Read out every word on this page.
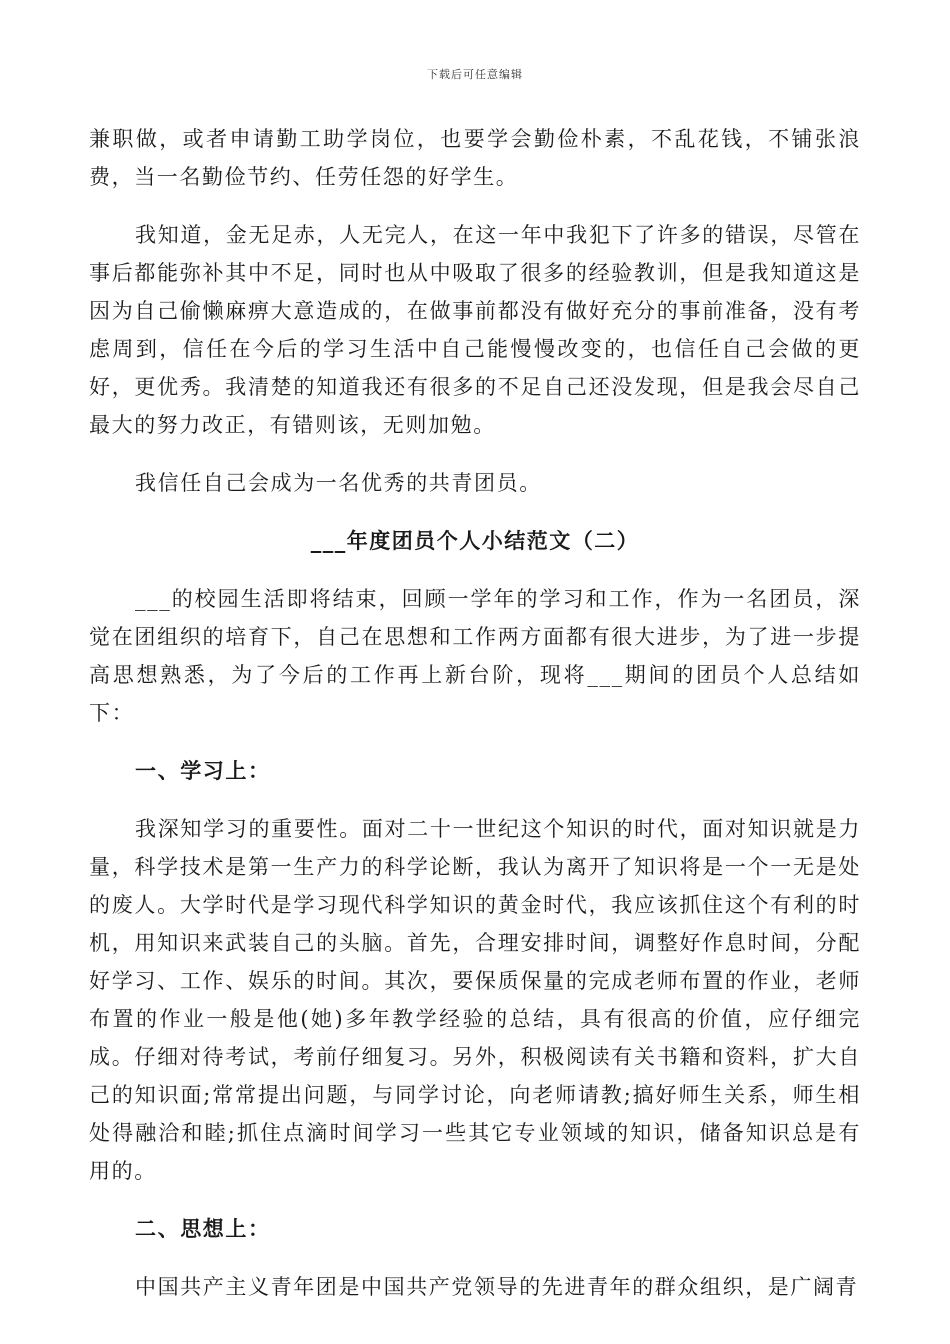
下载后可任意编辑

兼职做，或者申请勤工助学岗位，也要学会勤俭朴素，不乱花钱，不铺张浪费，当一名勤俭节约、任劳任怨的好学生。

我知道，金无足赤，人无完人，在这一年中我犯下了许多的错误，尽管在事后都能弥补其中不足，同时也从中吸取了很多的经验教训，但是我知道这是因为自己偷懒麻痹大意造成的，在做事前都没有做好充分的事前准备，没有考虑周到，信任在今后的学习生活中自己能慢慢改变的，也信任自己会做的更好，更优秀。我清楚的知道我还有很多的不足自己还没发现，但是我会尽自己最大的努力改正，有错则该，无则加勉。

我信任自己会成为一名优秀的共青团员。

___年度团员个人小结范文（二）

___的校园生活即将结束，回顾一学年的学习和工作，作为一名团员，深觉在团组织的培育下，自己在思想和工作两方面都有很大进步，为了进一步提高思想熟悉，为了今后的工作再上新台阶，现将___期间的团员个人总结如下：

一、学习上：

我深知学习的重要性。面对二十一世纪这个知识的时代，面对知识就是力量，科学技术是第一生产力的科学论断，我认为离开了知识将是一个一无是处的废人。大学时代是学习现代科学知识的黄金时代，我应该抓住这个有利的时机，用知识来武装自己的头脑。首先，合理安排时间，调整好作息时间，分配好学习、工作、娱乐的时间。其次，要保质保量的完成老师布置的作业，老师布置的作业一般是他(她)多年教学经验的总结，具有很高的价值，应仔细完成。仔细对待考试，考前仔细复习。另外，积极阅读有关书籍和资料，扩大自己的知识面;常常提出问题，与同学讨论，向老师请教;搞好师生关系，师生相处得融洽和睦;抓住点滴时间学习一些其它专业领域的知识，储备知识总是有用的。

二、思想上：

中国共产主义青年团是中国共产党领导的先进青年的群众组织，是广阔青
